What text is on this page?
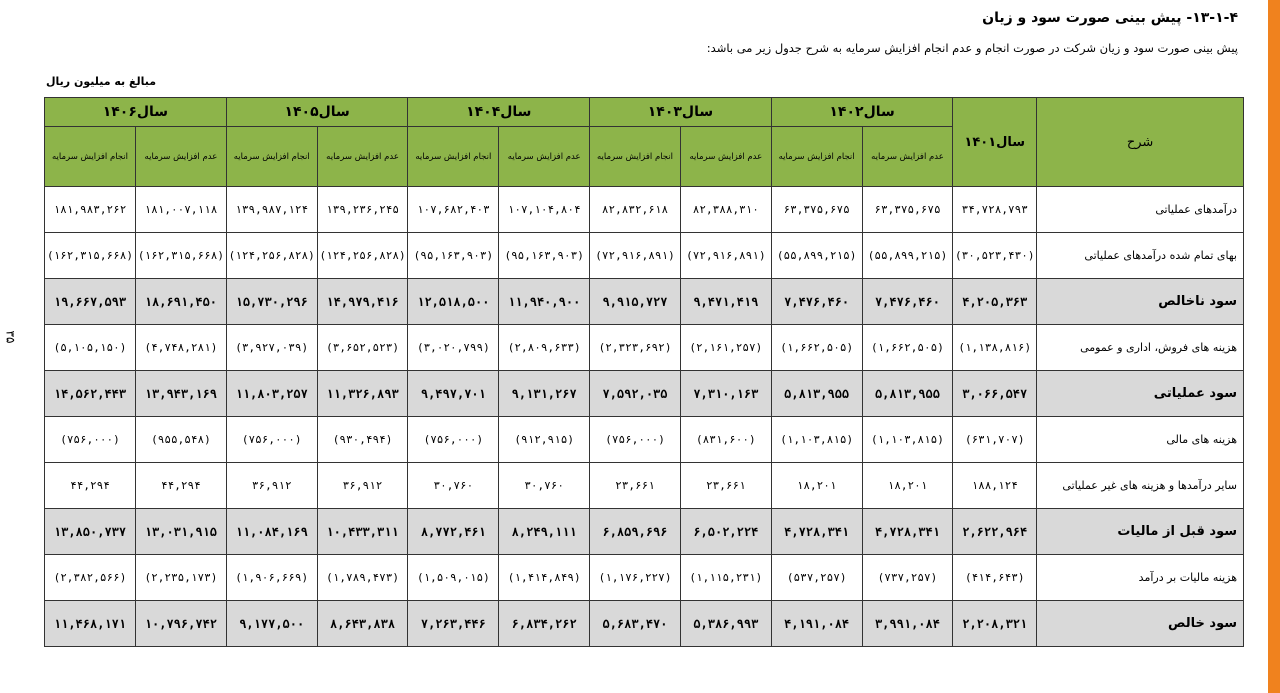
۱۳-۱-۴- پیش بینی صورت سود و زیان
پیش بینی صورت سود و زیان شرکت در صورت انجام و عدم انجام افزایش سرمایه به شرح جدول زیر می باشد:
مبالغ به میلیون ریال
۳۵
شرح	سال۱۴۰۱	سال۱۴۰۲		سال۱۴۰۳		سال۱۴۰۴		سال۱۴۰۵		سال۱۴۰۶	
		عدم افزایش سرمایه	انجام افزایش سرمایه	عدم افزایش سرمایه	انجام افزایش سرمایه	عدم افزایش سرمایه	انجام افزایش سرمایه	عدم افزایش سرمایه	انجام افزایش سرمایه	عدم افزایش سرمایه	انجام افزایش سرمایه
درآمدهای عملیاتی	۳۴,۷۲۸,۷۹۳	۶۳,۳۷۵,۶۷۵	۶۳,۳۷۵,۶۷۵	۸۲,۳۸۸,۳۱۰	۸۲,۸۳۲,۶۱۸	۱۰۷,۱۰۴,۸۰۴	۱۰۷,۶۸۲,۴۰۳	۱۳۹,۲۳۶,۲۴۵	۱۳۹,۹۸۷,۱۲۴	۱۸۱,۰۰۷,۱۱۸	۱۸۱,۹۸۳,۲۶۲
بهای تمام شده درآمدهای عملیاتی	(۳۰,۵۲۳,۴۳۰)	(۵۵,۸۹۹,۲۱۵)	(۵۵,۸۹۹,۲۱۵)	(۷۲,۹۱۶,۸۹۱)	(۷۲,۹۱۶,۸۹۱)	(۹۵,۱۶۳,۹۰۳)	(۹۵,۱۶۳,۹۰۳)	(۱۲۴,۲۵۶,۸۲۸)	(۱۲۴,۲۵۶,۸۲۸)	(۱۶۲,۳۱۵,۶۶۸)	(۱۶۲,۳۱۵,۶۶۸)
سود ناخالص	۴,۲۰۵,۳۶۳	۷,۴۷۶,۴۶۰	۷,۴۷۶,۴۶۰	۹,۴۷۱,۴۱۹	۹,۹۱۵,۷۲۷	۱۱,۹۴۰,۹۰۰	۱۲,۵۱۸,۵۰۰	۱۴,۹۷۹,۴۱۶	۱۵,۷۳۰,۲۹۶	۱۸,۶۹۱,۴۵۰	۱۹,۶۶۷,۵۹۳
هزینه های فروش، اداری و عمومی	(۱,۱۳۸,۸۱۶)	(۱,۶۶۲,۵۰۵)	(۱,۶۶۲,۵۰۵)	(۲,۱۶۱,۲۵۷)	(۲,۳۲۳,۶۹۲)	(۲,۸۰۹,۶۳۳)	(۳,۰۲۰,۷۹۹)	(۳,۶۵۲,۵۲۳)	(۳,۹۲۷,۰۳۹)	(۴,۷۴۸,۲۸۱)	(۵,۱۰۵,۱۵۰)
سود عملیاتی	۳,۰۶۶,۵۴۷	۵,۸۱۳,۹۵۵	۵,۸۱۳,۹۵۵	۷,۳۱۰,۱۶۳	۷,۵۹۲,۰۳۵	۹,۱۳۱,۲۶۷	۹,۴۹۷,۷۰۱	۱۱,۳۲۶,۸۹۳	۱۱,۸۰۳,۲۵۷	۱۳,۹۴۳,۱۶۹	۱۴,۵۶۲,۴۴۳
هزینه های مالی	(۶۳۱,۷۰۷)	(۱,۱۰۳,۸۱۵)	(۱,۱۰۳,۸۱۵)	(۸۳۱,۶۰۰)	(۷۵۶,۰۰۰)	(۹۱۲,۹۱۵)	(۷۵۶,۰۰۰)	(۹۳۰,۴۹۴)	(۷۵۶,۰۰۰)	(۹۵۵,۵۴۸)	(۷۵۶,۰۰۰)
سایر درآمدها و هزینه های غیر عملیاتی	۱۸۸,۱۲۴	۱۸,۲۰۱	۱۸,۲۰۱	۲۳,۶۶۱	۲۳,۶۶۱	۳۰,۷۶۰	۳۰,۷۶۰	۳۶,۹۱۲	۳۶,۹۱۲	۴۴,۲۹۴	۴۴,۲۹۴
سود قبل از مالیات	۲,۶۲۲,۹۶۴	۴,۷۲۸,۳۴۱	۴,۷۲۸,۳۴۱	۶,۵۰۲,۲۲۴	۶,۸۵۹,۶۹۶	۸,۲۴۹,۱۱۱	۸,۷۷۲,۴۶۱	۱۰,۴۳۳,۳۱۱	۱۱,۰۸۴,۱۶۹	۱۳,۰۳۱,۹۱۵	۱۳,۸۵۰,۷۳۷
هزینه مالیات بر درآمد	(۴۱۴,۶۴۳)	(۷۳۷,۲۵۷)	(۵۳۷,۲۵۷)	(۱,۱۱۵,۲۳۱)	(۱,۱۷۶,۲۲۷)	(۱,۴۱۴,۸۴۹)	(۱,۵۰۹,۰۱۵)	(۱,۷۸۹,۴۷۳)	(۱,۹۰۶,۶۶۹)	(۲,۲۳۵,۱۷۳)	(۲,۳۸۲,۵۶۶)
سود خالص	۲,۲۰۸,۳۲۱	۳,۹۹۱,۰۸۴	۴,۱۹۱,۰۸۴	۵,۳۸۶,۹۹۳	۵,۶۸۳,۴۷۰	۶,۸۳۴,۲۶۲	۷,۲۶۳,۴۴۶	۸,۶۴۳,۸۳۸	۹,۱۷۷,۵۰۰	۱۰,۷۹۶,۷۴۲	۱۱,۴۶۸,۱۷۱
